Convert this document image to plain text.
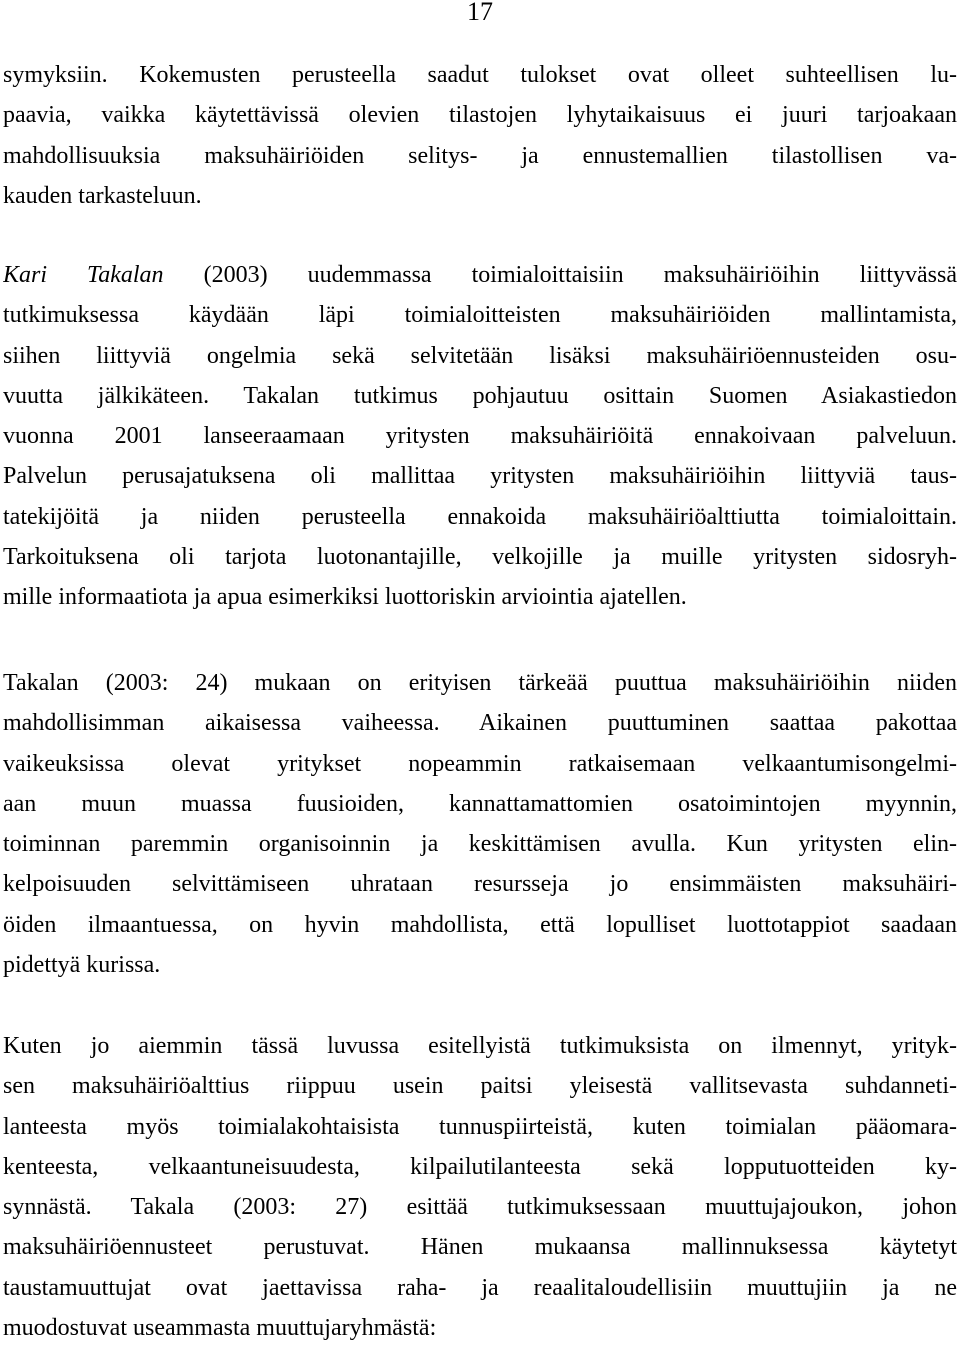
17
symyksiin. Kokemusten perusteella saadut tulokset ovat olleet suhteellisen lu-
paavia, vaikka käytettävissä olevien tilastojen lyhytaikaisuus ei juuri tarjoakaan
mahdollisuuksia maksuhäiriöiden selitys- ja ennustemallien tilastollisen va-
kauden tarkasteluun.
Kari Takalan (2003) uudemmassa toimialoittaisiin maksuhäiriöihin liittyvässä
tutkimuksessa käydään läpi toimialoitteisten maksuhäiriöiden mallintamista,
siihen liittyviä ongelmia sekä selvitetään lisäksi maksuhäiriöennusteiden osu-
vuutta jälkikäteen. Takalan tutkimus pohjautuu osittain Suomen Asiakastiedon
vuonna 2001 lanseeraamaan yritysten maksuhäiriöitä ennakoivaan palveluun.
Palvelun perusajatuksena oli mallittaa yritysten maksuhäiriöihin liittyviä taus-
tatekijöitä ja niiden perusteella ennakoida maksuhäiriöalttiutta toimialoittain.
Tarkoituksena oli tarjota luotonantajille, velkojille ja muille yritysten sidosryh-
mille informaatiota ja apua esimerkiksi luottoriskin arviointia ajatellen.
Takalan (2003: 24) mukaan on erityisen tärkeää puuttua maksuhäiriöihin niiden
mahdollisimman aikaisessa vaiheessa. Aikainen puuttuminen saattaa pakottaa
vaikeuksissa olevat yritykset nopeammin ratkaisemaan velkaantumisongelmi-
aan muun muassa fuusioiden, kannattamattomien osatoimintojen myynnin,
toiminnan paremmin organisoinnin ja keskittämisen avulla. Kun yritysten elin-
kelpoisuuden selvittämiseen uhrataan resursseja jo ensimmäisten maksuhäiri-
öiden ilmaantuessa, on hyvin mahdollista, että lopulliset luottotappiot saadaan
pidettyä kurissa.
Kuten jo aiemmin tässä luvussa esitellyistä tutkimuksista on ilmennyt, yrityk-
sen maksuhäiriöalttius riippuu usein paitsi yleisestä vallitsevasta suhdanneti-
lanteesta myös toimialakohtaisista tunnuspiirteistä, kuten toimialan pääomara-
kenteesta, velkaantuneisuudesta, kilpailutilanteesta sekä lopputuotteiden ky-
synnästä. Takala (2003: 27) esittää tutkimuksessaan muuttujajoukon, johon
maksuhäiriöennusteet perustuvat. Hänen mukaansa mallinnuksessa käytetyt
taustamuuttujat ovat jaettavissa raha- ja reaalitaloudellisiin muuttujiin ja ne
muodostuvat useammasta muuttujaryhmästä:
